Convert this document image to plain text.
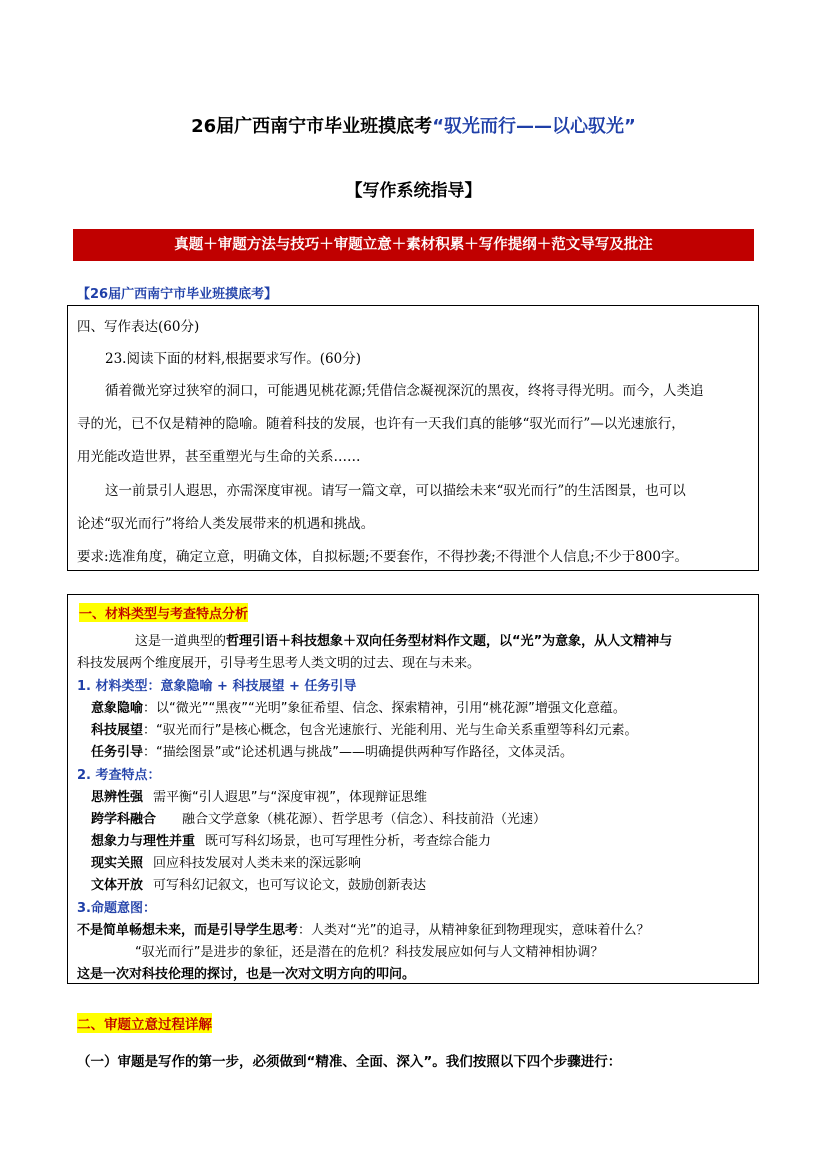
26届广西南宁市毕业班摸底考“驭光而行——以心驭光”
【写作系统指导】
真题＋审题方法与技巧＋审题立意＋素材积累＋写作提纲＋范文导写及批注
【26届广西南宁市毕业班摸底考】
四、写作表达(60分)
23.阅读下面的材料,根据要求写作。(60分)
循着微光穿过狭窄的洞口，可能遇见桃花源;凭借信念凝视深沉的黑夜，终将寻得光明。而今，人类追
寻的光，已不仅是精神的隐喻。随着科技的发展，也许有一天我们真的能够“驭光而行”—以光速旅行，
用光能改造世界，甚至重塑光与生命的关系……
这一前景引人遐思，亦需深度审视。请写一篇文章，可以描绘未来“驭光而行”的生活图景，也可以
论述“驭光而行”将给人类发展带来的机遇和挑战。
要求:选准角度，确定立意，明确文体，自拟标题;不要套作，不得抄袭;不得泄个人信息;不少于800字。
一、材料类型与考查特点分析
这是一道典型的哲理引语＋科技想象＋双向任务型材料作文题，以“光”为意象，从人文精神与
科技发展两个维度展开，引导考生思考人类文明的过去、现在与未来。
1. 材料类型：意象隐喻 + 科技展望 + 任务引导
意象隐喻：以“微光”“黑夜”“光明”象征希望、信念、探索精神，引用“桃花源”增强文化意蕴。
科技展望：“驭光而行”是核心概念，包含光速旅行、光能利用、光与生命关系重塑等科幻元素。
任务引导：“描绘图景”或“论述机遇与挑战”——明确提供两种写作路径，文体灵活。
2. 考查特点：
思辨性强 需平衡“引人遐思”与“深度审视”，体现辩证思维
跨学科融合 融合文学意象（桃花源）、哲学思考（信念）、科技前沿（光速）
想象力与理性并重 既可写科幻场景，也可写理性分析，考查综合能力
现实关照 回应科技发展对人类未来的深远影响
文体开放 可写科幻记叙文，也可写议论文，鼓励创新表达
3.命题意图：
不是简单畅想未来，而是引导学生思考：人类对“光”的追寻，从精神象征到物理现实，意味着什么？
“驭光而行”是进步的象征，还是潜在的危机？科技发展应如何与人文精神相协调？
这是一次对科技伦理的探讨，也是一次对文明方向的叩问。
二、审题立意过程详解
（一）审题是写作的第一步，必须做到“精准、全面、深入”。我们按照以下四个步骤进行：
